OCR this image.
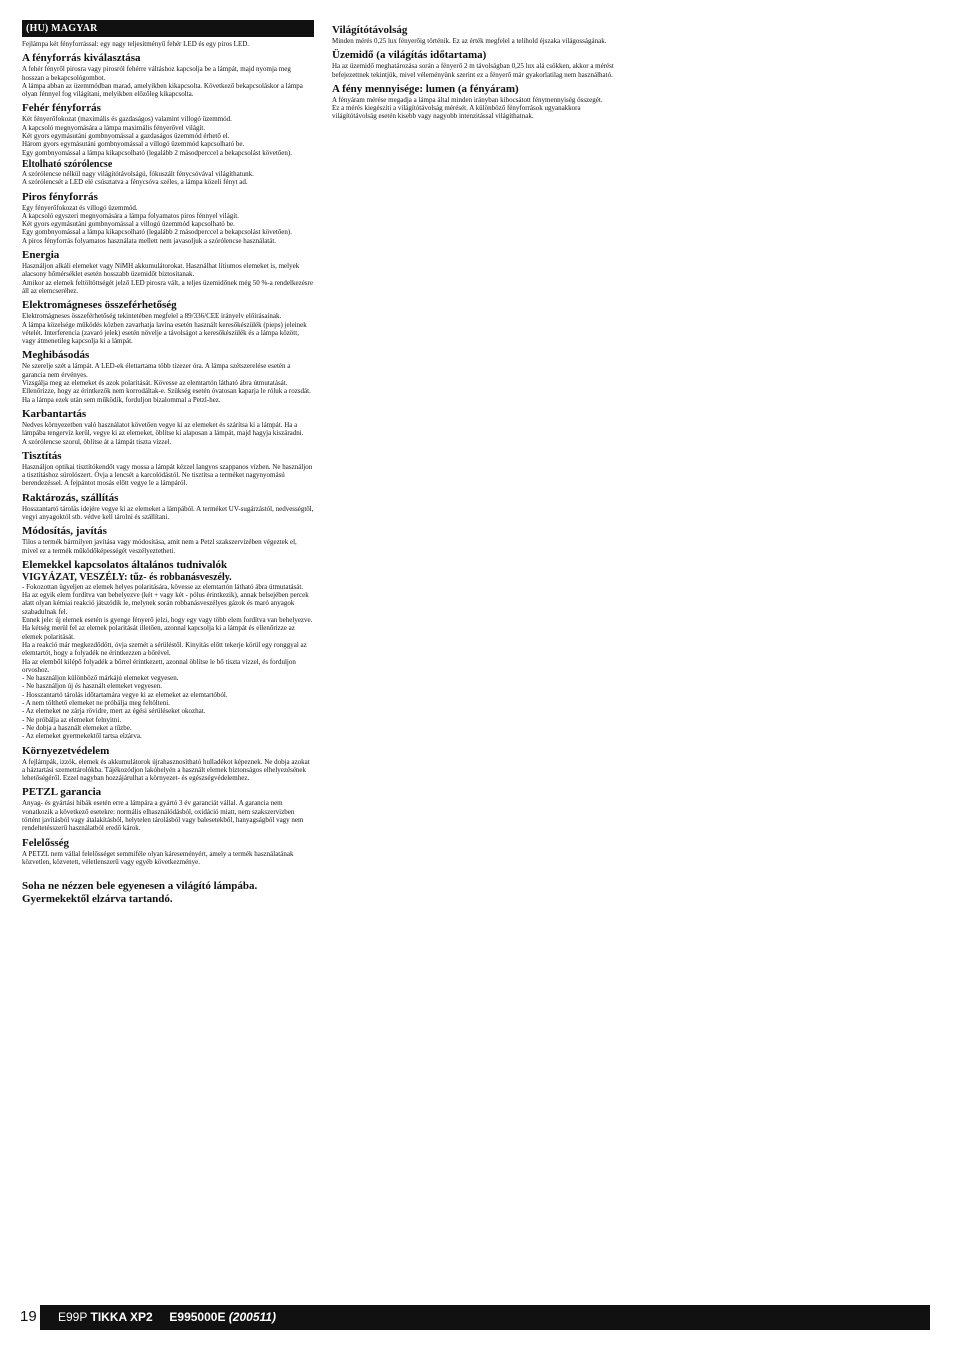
(HU) MAGYAR

Fejlámpa két fényforrással: egy nagy teljesítményű fehér LED és egy piros LED.

A fényforrás kiválasztása

A fehér fényről pirosra vagy pirosról fehérre váltáshoz kapcsolja be a lámpát, majd nyomja meg hosszan a bekapcsológombot.
A lámpa abban az üzemmódban marad, amelyikben kikapcsolta. Következő bekapcsoláskor a lámpa olyan fénnyel fog világítani, melyikben előzőleg kikapcsolta.

Fehér fényforrás

Két fényerőfokozat (maximális és gazdaságos) valamint villogó üzemmód.
A kapcsoló megnyomására a lámpa maximális fényerővel világít.
Két gyors egymásutáni gombnyomással a gazdaságos üzemmód érhető el.
Három gyors egymásutáni gombnyomással a villogó üzemmód kapcsolható be.
Egy gombnyomással a lámpa kikapcsolható (legalább 2 másodperccel a bekapcsolást követően).

Eltolható szórólencse

A szórólencse nélkül nagy világítótávolságú, fókuszált fénycsóvával világíthatunk.
A szórólencsét a LED elé csúsztatva a fénycsóva széles, a lámpa közeli fényt ad.

Piros fényforrás

Egy fényerőfokozat és villogó üzemmód.
A kapcsoló egyszeri megnyomására a lámpa folyamatos piros fénnyel világít.
Két gyors egymásutáni gombnyomással a villogó üzemmód kapcsolható be.
Egy gombnyomással a lámpa kikapcsolható (legalább 2 másodperccel a bekapcsolást követően).
A piros fényforrás folyamatos használata mellett nem javasoljuk a szórólencse használatát.

Energia

Használjon alkáli elemeket vagy NiMH akkumulátorokat. Használhat lítiumos elemeket is, melyek alacsony hőmérséklet esetén hosszabb üzemidőt biztosítanak.
Amikor az elemek feltöltöttségét jelző LED pirosra vált, a teljes üzemidőnek még 50 %-a rendelkezésre áll az elemcseréhez.

Elektromágneses összeférhetőség

Elektromágneses összeférhetőség tekintetében megfelel a 89/336/CEE irányelv előírásainak.
A lámpa közelsége működés közben zavarhatja lavina esetén használt keresőkészülék (pieps) jeleinek vételét. Interferencia (zavaró jelek) esetén növelje a távolságot a keresőkészülék és a lámpa között, vagy átmenetileg kapcsolja ki a lámpát.

Meghibásodás

Ne szerelje szét a lámpát. A LED-ek élettartama több tízezer óra. A lámpa szétszerelése esetén a garancia nem érvényes.
Vizsgálja meg az elemeket és azok polaritását. Kövesse az elemtartón látható ábra útmutatását. Ellenőrizze, hogy az érintkezők nem korrodáltak-e. Szükség esetén óvatosan kaparja le róluk a rozsdát. Ha a lámpa ezek után sem működik, forduljon bizalommal a Petzl-hez.

Karbantartás

Nedves környezetben való használatot követően vegye ki az elemeket és szárítsa ki a lámpát. Ha a lámpába tengervíz kerül, vegye ki az elemeket, öblítse ki alaposan a lámpát, majd hagyja kiszáradni.
A szórólencse szorul, öblítse át a lámpát tiszta vízzel.

Tisztítás

Használjon optikai tisztítókendőt vagy mossa a lámpát kézzel langyos szappanos vízben. Ne használjon a tisztításhoz súrolószert. Óvja a lencsét a karcolódástól. Ne tisztítsa a terméket nagynyomású berendezéssel. A fejpántot mosás előtt vegye le a lámpáról.

Raktározás, szállítás

Hosszantartó tárolás idejére vegye ki az elemeket a lámpából. A terméket UV-sugárzástól, nedvességtől, vegyi anyagoktól stb. védve kell tárolni és szállítani.

Módosítás, javítás

Tilos a termék bármilyen javítása vagy módosítása, amit nem a Petzl szakszervizében végeztek el, mivel ez a termék működőképességét veszélyeztetheti.

Elemekkel kapcsolatos általános tudnivalók
VIGYÁZAT, VESZÉLY: tűz- és robbanásveszély.

- Fokozottan ügyeljen az elemek helyes polaritására, kövesse az elemtartón látható ábra útmutatását.
Ha az egyik elem fordítva van behelyezve (két + vagy két - pólus érintkezik), annak belsejében percek alatt olyan kémiai reakció játszódik le, melynek során robbanásveszélyes gázok és maró anyagok szabadulnak fel.
Ennek jele: új elemek esetén is gyenge fényerő jelzi, hogy egy vagy több elem fordítva van behelyezve.
Ha kétség merül fel az elemek polaritását illetően, azonnal kapcsolja ki a lámpát és ellenőrizze az elemek polaritását.
Ha a reakció már megkezdődött, óvja szemét a sérüléstől. Kinyitás előtt tekerje körül egy ronggyal az elemtartót, hogy a folyadék ne érintkezzen a bőrével.
Ha az elemből kilépő folyadék a bőrrel érintkezett, azonnal öblítse le bő tiszta vízzel, és forduljon orvoshoz.
- Ne használjon különböző márkájú elemeket vegyesen.
- Ne használjon új és használt elemeket vegyesen.
- Hosszantartó tárolás időtartamára vegye ki az elemeket az elemtartóból.
- A nem tölthető elemeket ne próbálja meg feltölteni.
- Az elemeket ne zárja rövidre, mert az égési sérüléseket okozhat.
- Ne próbálja az elemeket felnyitni.
- Ne dobja a használt elemeket a tűzbe.
- Az elemeket gyermekektől tartsa elzárva.

Környezetvédelem

A fejlámpák, izzók, elemek és akkumulátorok újrahasznosítható hulladékot képeznek. Ne dobja azokat a háztartási szemettárolókba. Tájékozódjon lakóhelyén a használt elemek biztonságos elhelyezésének lehetőségéről. Ezzel nagyban hozzájárulhat a környezet- és egészségvédelemhez.

PETZL garancia

Anyag- és gyártási hibák esetén erre a lámpára a gyártó 3 év garanciát vállal. A garancia nem vonatkozik a következő esetekre: normális elhasználódásból, oxidáció miatt, nem szakszervizben történt javításból vagy átalakításból, helytelen tárolásból vagy balesetekből, hanyagságból vagy nem rendeltetésszerű használatból eredő károk.

Felelősség

A PETZL nem vállal felelősséget semmiféle olyan káreseményért, amely a termék használatának közvetlen, közvetett, véletlenszerű vagy egyéb következménye.

Soha ne nézzen bele egyenesen a világító lámpába.
Gyermekektől elzárva tartandó.
Világítótávolság

Minden mérés 0,25 lux fényerőig történik. Ez az érték megfelel a telihold éjszaka világosságának.

Üzemidő (a világítás időtartama)

Ha az üzemidő meghatározása során a fényerő 2 m távolságban 0,25 lux alá csökken, akkor a mérést befejezettnek tekintjük, mivel véleményünk szerint ez a fényerő már gyakorlatilag nem használható.

A fény mennyisége: lumen (a fényáram)

A fényáram mérése megadja a lámpa által minden irányban kibocsátott fénymennyiség összegét.
Ez a mérés kiegészíti a világítótávolság mérését. A különböző fényforrások ugyanakkora világítótávolság esetén kisebb vagy nagyobb intenzitással világíthatnak.

19	E99P TIKKA XP2 E995000E (200511)
